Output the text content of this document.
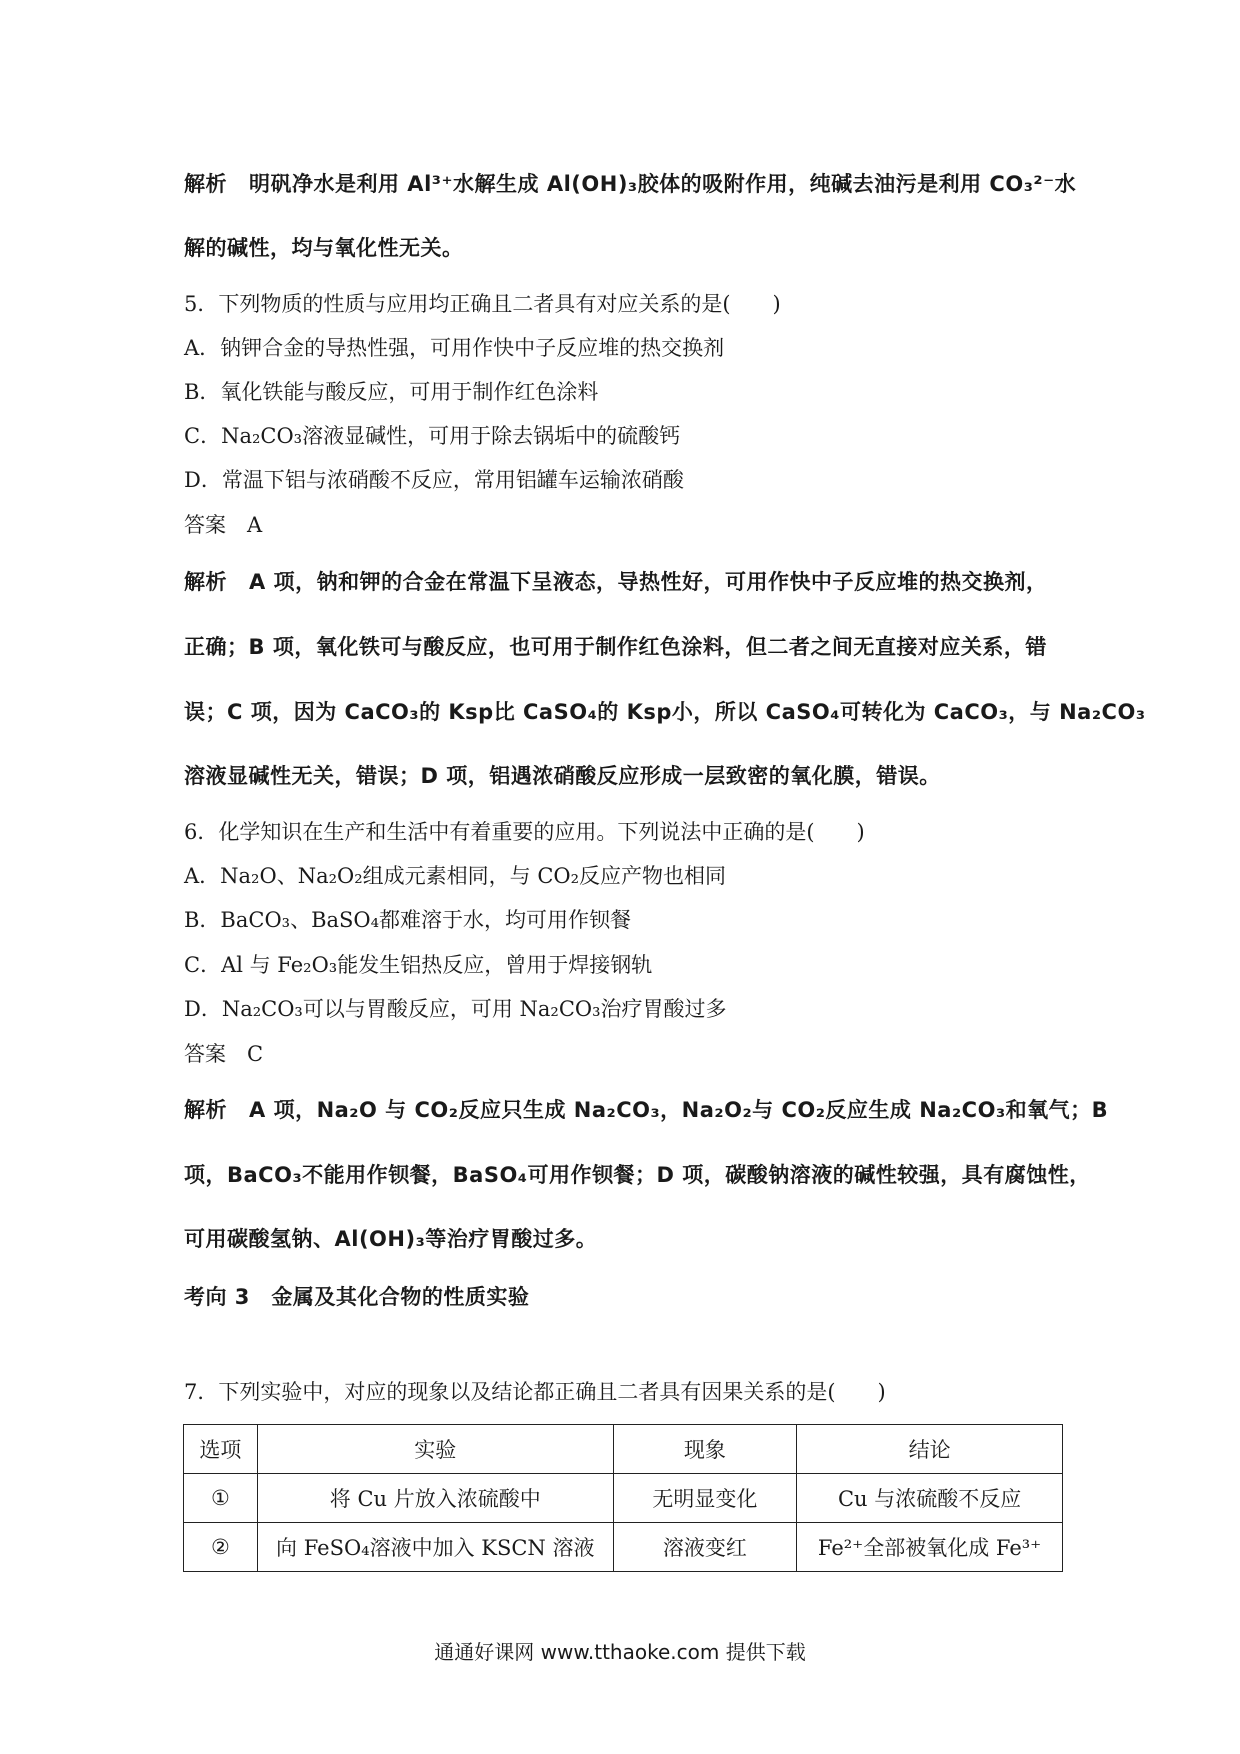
解析 明矾净水是利用 Al³⁺水解生成 Al(OH)₃胶体的吸附作用，纯碱去油污是利用 CO₃²⁻水
解的碱性，均与氧化性无关。
5．下列物质的性质与应用均正确且二者具有对应关系的是(　　)
A．钠钾合金的导热性强，可用作快中子反应堆的热交换剂
B．氧化铁能与酸反应，可用于制作红色涂料
C．Na₂CO₃溶液显碱性，可用于除去锅垢中的硫酸钙
D．常温下铝与浓硝酸不反应，常用铝罐车运输浓硝酸
答案　A
解析 A 项，钠和钾的合金在常温下呈液态，导热性好，可用作快中子反应堆的热交换剂，
正确；B 项，氧化铁可与酸反应，也可用于制作红色涂料，但二者之间无直接对应关系，错
误；C 项，因为 CaCO₃的 Ksp比 CaSO₄的 Ksp小，所以 CaSO₄可转化为 CaCO₃，与 Na₂CO₃
溶液显碱性无关，错误；D 项，铝遇浓硝酸反应形成一层致密的氧化膜，错误。
6．化学知识在生产和生活中有着重要的应用。下列说法中正确的是(　　)
A．Na₂O、Na₂O₂组成元素相同，与 CO₂反应产物也相同
B．BaCO₃、BaSO₄都难溶于水，均可用作钡餐
C．Al 与 Fe₂O₃能发生铝热反应，曾用于焊接钢轨
D．Na₂CO₃可以与胃酸反应，可用 Na₂CO₃治疗胃酸过多
答案　C
解析 A 项，Na₂O 与 CO₂反应只生成 Na₂CO₃，Na₂O₂与 CO₂反应生成 Na₂CO₃和氧气；B
项，BaCO₃不能用作钡餐，BaSO₄可用作钡餐；D 项，碳酸钠溶液的碱性较强，具有腐蚀性，
可用碳酸氢钠、Al(OH)₃等治疗胃酸过多。
考向 3　金属及其化合物的性质实验
7．下列实验中，对应的现象以及结论都正确且二者具有因果关系的是(　　)
选项	实验	现象	结论
①	将 Cu 片放入浓硫酸中	无明显变化	Cu 与浓硫酸不反应
②	向 FeSO₄溶液中加入 KSCN 溶液	溶液变红	Fe²⁺全部被氧化成 Fe³⁺
通通好课网 www.tthaoke.com 提供下载
